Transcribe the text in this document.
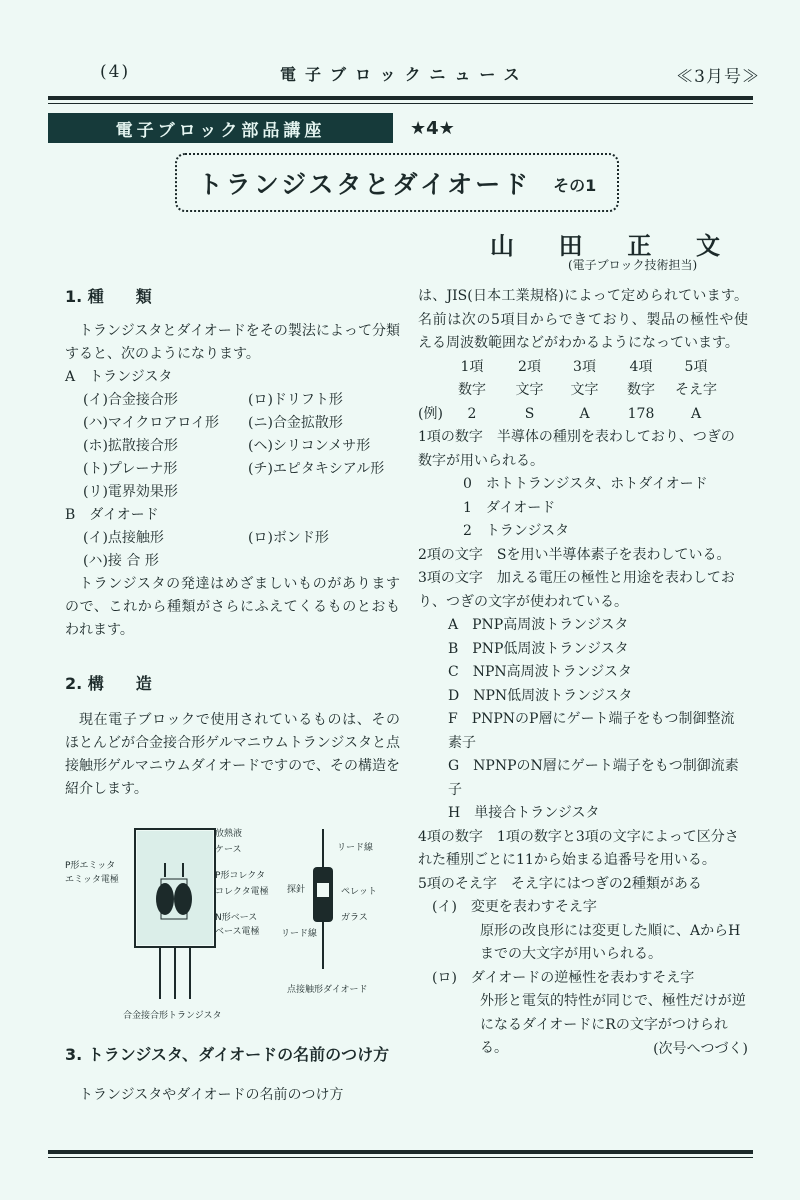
(4)	電子ブロックニュース	≪3月号≫
電子ブロック部品講座	★4★
トランジスタとダイオード その1
山 田 正 文
(電子ブロック技術担当)

1. 種　　類

トランジスタとダイオードをその製法によって分類すると、次のようになります。

A　トランジスタ

(イ)合金接合形	(ロ)ドリフト形
(ハ)マイクロアロイ形	(ニ)合金拡散形
(ホ)拡散接合形	(ヘ)シリコンメサ形
(ト)プレーナ形	(チ)エピタキシアル形
(リ)電界効果形

B　ダイオード

(イ)点接触形	(ロ)ボンド形
(ハ)接 合 形

トランジスタの発達はめざましいものがありますので、これから種類がさらにふえてくるものとおもわれます。

2. 構　　造

現在電子ブロックで使用されているものは、そのほとんどが合金接合形ゲルマニウムトランジスタと点接触形ゲルマニウムダイオードですので、その構造を紹介します。

放熱液
ケース
P形エミッタ
エミッタ電極	P形コレクタ
コレクタ電極
N形ベース
ベース電極
合金接合形トランジスタ
リード線
探針	ペレット
ガラス
リード線
点接触形ダイオード

3. トランジスタ、ダイオードの名前のつけ方

トランジスタやダイオードの名前のつけ方

は、JIS(日本工業規格)によって定められています。名前は次の5項目からできており、製品の極性や使える周波数範囲などがわかるようになっています。

1項	2項	3項	4項	5項
数字	文字	文字	数字	そえ字
(例)	2	S	A	178	A

1項の数字　半導体の種別を表わしており、つぎの数字が用いられる。

0　ホトトランジスタ、ホトダイオード
1　ダイオード
2　トランジスタ

2項の文字　Sを用い半導体素子を表わしている。

3項の文字　加える電圧の極性と用途を表わしており、つぎの文字が使われている。

A　PNP高周波トランジスタ
B　PNP低周波トランジスタ
C　NPN高周波トランジスタ
D　NPN低周波トランジスタ
F　PNPNのP層にゲート端子をもつ制御整流素子
G　NPNPのN層にゲート端子をもつ制御流素子
H　単接合トランジスタ

4項の数字　1項の数字と3項の文字によって区分された種別ごとに11から始まる追番号を用いる。

5項のそえ字　そえ字にはつぎの2種類がある

(イ)　変更を表わすそえ字
原形の改良形には変更した順に、AからHまでの大文字が用いられる。
(ロ)　ダイオードの逆極性を表わすそえ字
外形と電気的特性が同じで、極性だけが逆になるダイオードにRの文字がつけられる。	(次号へつづく)
